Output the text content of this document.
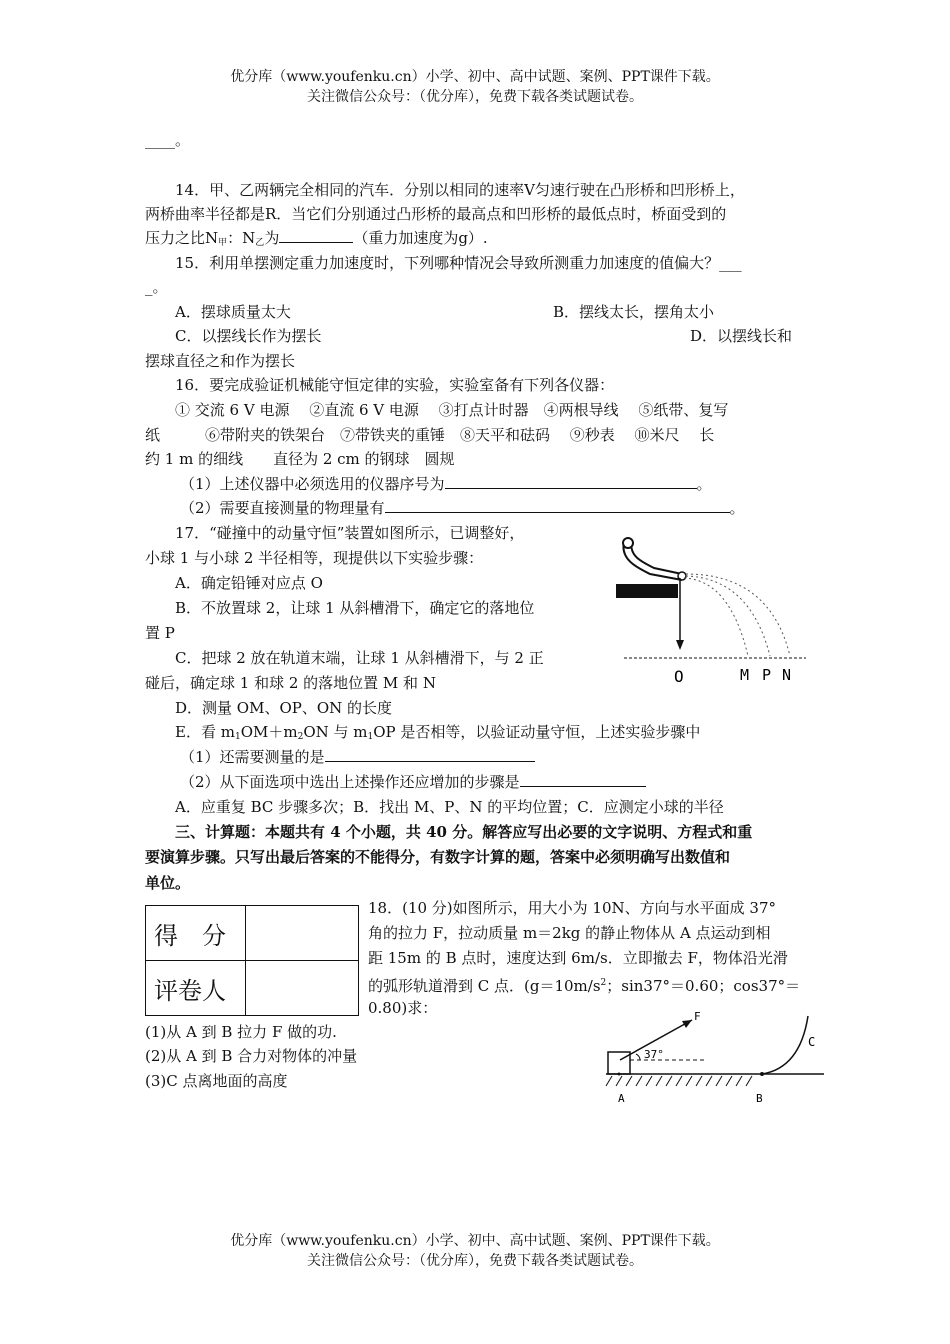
优分库（www.youfenku.cn）小学、初中、高中试题、案例、PPT课件下载。
关注微信公众号：（优分库），免费下载各类试题试卷。
____。
14．甲、乙两辆完全相同的汽车．分别以相同的速率V匀速行驶在凸形桥和凹形桥上，
两桥曲率半径都是R．当它们分别通过凸形桥的最高点和凹形桥的最低点时，桥面受到的
压力之比$N_甲$：$N_乙$为	（重力加速度为g）.
15．利用单摆测定重力加速度时，下列哪种情况会导致所测重力加速度的值偏大？___
_。
A．摆球质量太大	B．摆线太长，摆角太小
C．以摆线长作为摆长	D．以摆线长和
摆球直径之和作为摆长
16．要完成验证机械能守恒定律的实验，实验室备有下列各仪器：
① 交流 6 V 电源　 ②直流 6 V 电源　 ③打点计时器　④两根导线　 ⑤纸带、复写
纸　　　⑥带附夹的铁架台　⑦带铁夹的重锤　⑧天平和砝码　 ⑨秒表　 ⑩米尺　 长
约 1 m 的细线　　直径为 2 cm 的钢球　圆规
（1）上述仪器中必须选用的仪器序号为	。
（2）需要直接测量的物理量有	。
17．“碰撞中的动量守恒”装置如图所示，已调整好，
小球 1 与小球 2 半径相等，现提供以下实验步骤：
A．确定铅锤对应点 O
B．不放置球 2，让球 1 从斜槽滑下，确定它的落地位
置 P
C．把球 2 放在轨道末端，让球 1 从斜槽滑下，与 2 正
碰后，确定球 1 和球 2 的落地位置 M 和 N
D．测量 OM、OP、ON 的长度
E．看 $m_1OM+m_2ON$ 与 $m_1OP$ 是否相等，以验证动量守恒，上述实验步骤中
（1）还需要测量的是
（2）从下面选项中选出上述操作还应增加的步骤是
A．应重复 BC 步骤多次；B．找出 M、P、N 的平均位置；C．应测定小球的半径
O	M P N
三、计算题：本题共有 4 个小题，共 40 分。解答应写出必要的文字说明、方程式和重
要演算步骤。只写出最后答案的不能得分，有数字计算的题，答案中必须明确写出数值和
单位。
得　分	
评卷人	
18．(10 分)如图所示，用大小为 10N、方向与水平面成 37°
角的拉力 F，拉动质量 m＝2kg 的静止物体从 A 点运动到相
距 15m 的 B 点时，速度达到 6m/s．立即撤去 F，物体沿光滑
的弧形轨道滑到 C 点．($g=10m/s^2$；sin37°＝0.60；cos37°＝
0.80)求：
(1)从 A 到 B 拉力 F 做的功.
(2)从 A 到 B 合力对物体的冲量
(3)C 点离地面的高度
F
37°
A	B
C
优分库（www.youfenku.cn）小学、初中、高中试题、案例、PPT课件下载。
关注微信公众号：（优分库），免费下载各类试题试卷。
